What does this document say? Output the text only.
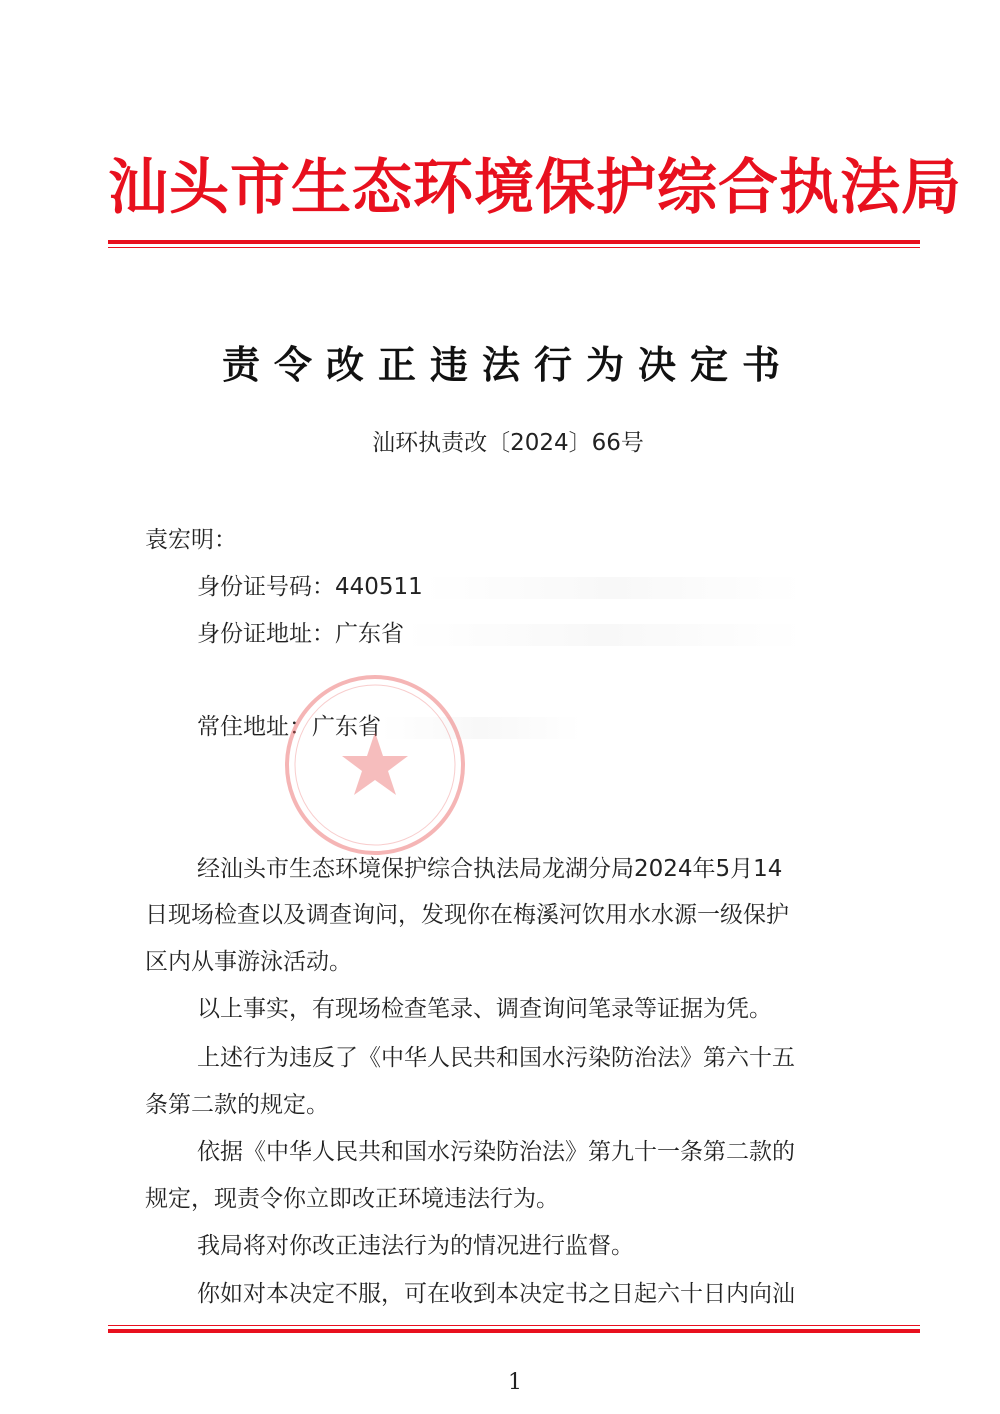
汕头市生态环境保护综合执法局
责令改正违法行为决定书
汕环执责改〔2024〕66号
袁宏明：
身份证号码：440511
身份证地址：广东省
常住地址：广东省
经汕头市生态环境保护综合执法局龙湖分局2024年5月14
日现场检查以及调查询问，发现你在梅溪河饮用水水源一级保护
区内从事游泳活动。
以上事实，有现场检查笔录、调查询问笔录等证据为凭。
上述行为违反了《中华人民共和国水污染防治法》第六十五
条第二款的规定。
依据《中华人民共和国水污染防治法》第九十一条第二款的
规定，现责令你立即改正环境违法行为。
我局将对你改正违法行为的情况进行监督。
你如对本决定不服，可在收到本决定书之日起六十日内向汕
1
